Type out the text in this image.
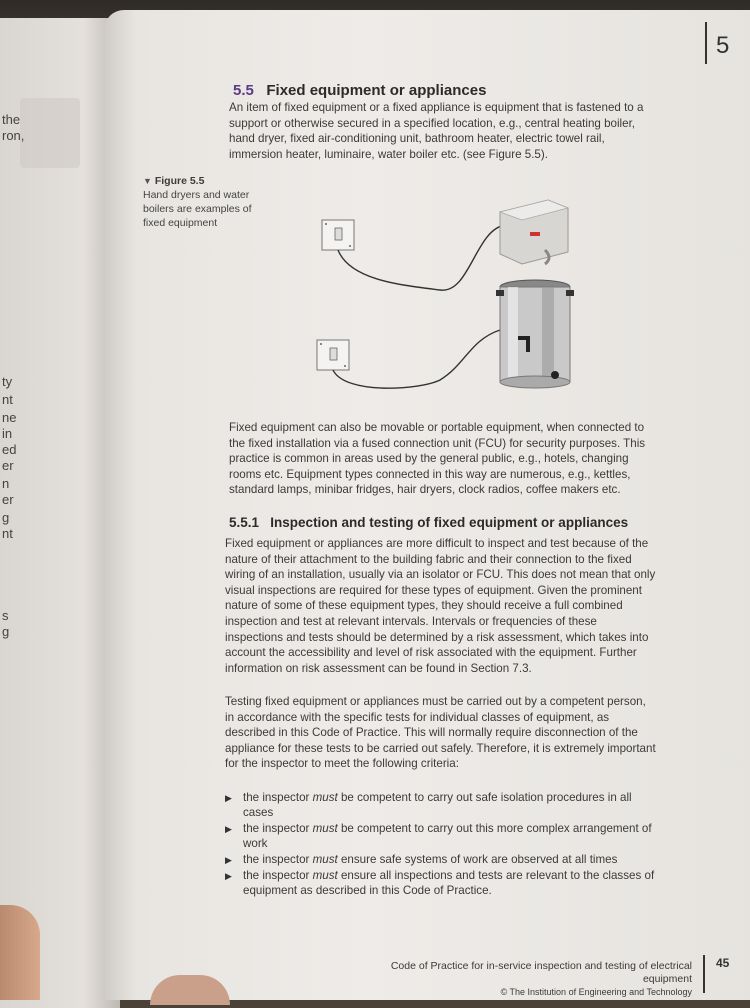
the
ron,
ty
nt
ne
in
ed
er
n
er
g
nt
s
g
5
5.5 Fixed equipment or appliances

An item of fixed equipment or a fixed appliance is equipment that is fastened to a support or otherwise secured in a specified location, e.g., central heating boiler, hand dryer, fixed air-conditioning unit, bathroom heater, electric towel rail, immersion heater, luminaire, water boiler etc. (see Figure 5.5).

▼ Figure 5.5
Hand dryers and water boilers are examples of fixed equipment

Fixed equipment can also be movable or portable equipment, when connected to the fixed installation via a fused connection unit (FCU) for security purposes. This practice is common in areas used by the general public, e.g., hotels, changing rooms etc. Equipment types connected in this way are numerous, e.g., kettles, standard lamps, minibar fridges, hair dryers, clock radios, coffee makers etc.

5.5.1 Inspection and testing of fixed equipment or appliances

Fixed equipment or appliances are more difficult to inspect and test because of the nature of their attachment to the building fabric and their connection to the fixed wiring of an installation, usually via an isolator or FCU. This does not mean that only visual inspections are required for these types of equipment. Given the prominent nature of some of these equipment types, they should receive a full combined inspection and test at relevant intervals. Intervals or frequencies of these inspections and tests should be determined by a risk assessment, which takes into account the accessibility and level of risk associated with the equipment. Further information on risk assessment can be found in Section 7.3.

Testing fixed equipment or appliances must be carried out by a competent person, in accordance with the specific tests for individual classes of equipment, as described in this Code of Practice. This will normally require disconnection of the appliance for these tests to be carried out safely. Therefore, it is extremely important for the inspector to meet the following criteria:

▶ the inspector must be competent to carry out safe isolation procedures in all cases
▶ the inspector must be competent to carry out this more complex arrangement of work
▶ the inspector must ensure safe systems of work are observed at all times
▶ the inspector must ensure all inspections and tests are relevant to the classes of equipment as described in this Code of Practice.
Code of Practice for in-service inspection and testing of electrical equipment
© The Institution of Engineering and Technology
45
